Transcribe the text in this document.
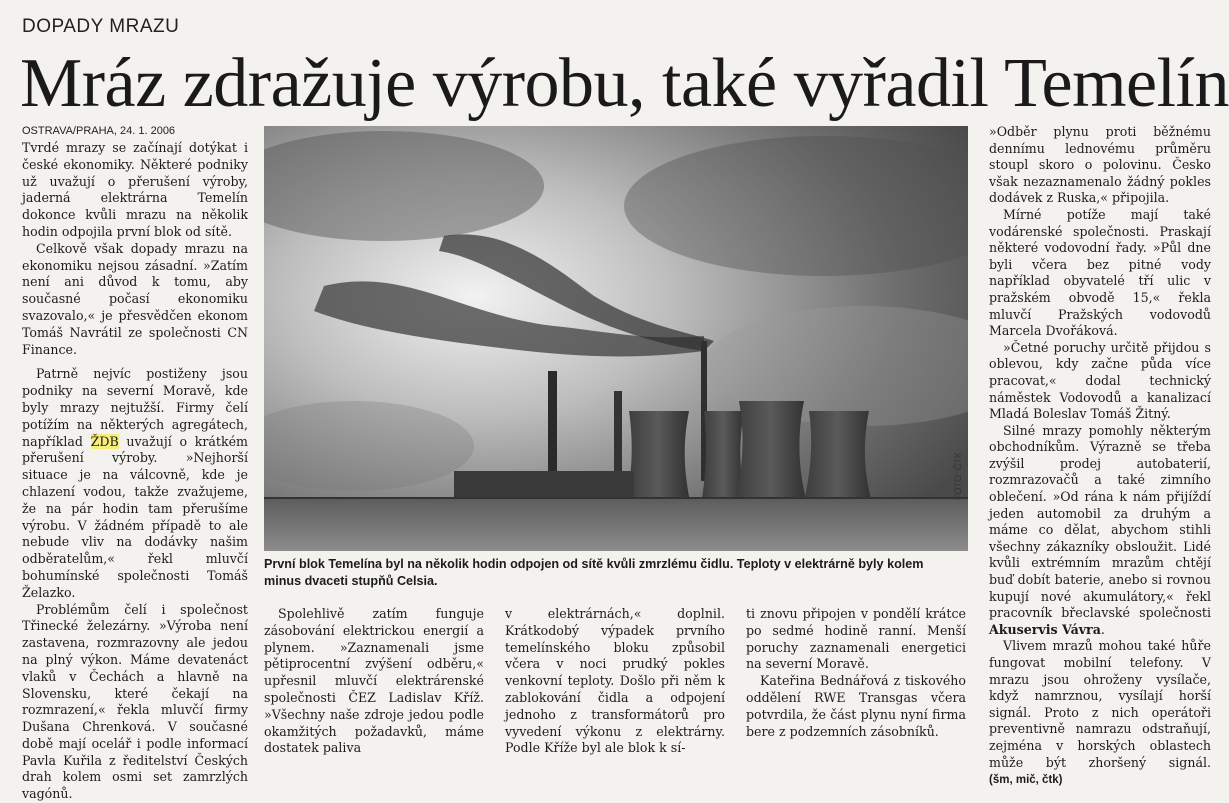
DOPADY MRAZU
Mráz zdražuje výrobu, také vyřadil Temelín
OSTRAVA/PRAHA, 24. 1. 2006

Tvrdé mrazy se začínají dotýkat i české ekonomiky. Některé podniky už uvažují o přerušení výroby, jaderná elektrárna Temelín dokonce kvůli mrazu na několik hodin odpojila první blok od sítě.

Celkově však dopady mrazu na ekonomiku nejsou zásadní. »Zatím není ani důvod k tomu, aby současné počasí ekonomiku svazovalo,« je přesvědčen ekonom Tomáš Navrátil ze společnosti CN Finance.

Patrně nejvíc postiženy jsou podniky na severní Moravě, kde byly mrazy nejtužší. Firmy čelí potížím na některých agregátech, například ŽDB uvažují o krátkém přerušení výroby. »Nejhorší situace je na válcovně, kde je chlazení vodou, takže zvažujeme, že na pár hodin tam přerušíme výrobu. V žádném případě to ale nebude vliv na dodávky našim odběratelům,« řekl mluvčí bohumínské společnosti Tomáš Želazko.

Problémům čelí i společnost Třinecké železárny. »Výroba není zastavena, rozmrazovny ale jedou na plný výkon. Máme devatenáct vlaků v Čechách a hlavně na Slovensku, které čekají na rozmrazení,« řekla mluvčí firmy Dušana Chrenková. V současné době mají ocelář i podle informací Pavla Kuřila z ředitelství Českých drah kolem osmi set zamrzlých vagónů.

FOTO: ČTK
První blok Temelína byl na několik hodin odpojen od sítě kvůli zmrzlému čidlu. Teploty v elektrárně byly kolem minus dvaceti stupňů Celsia.

Spolehlivě zatím funguje zásobování elektrickou energií a plynem. »Zaznamenali jsme pětiprocentní zvýšení odběru,« upřesnil mluvčí elektrárenské společnosti ČEZ Ladislav Kříž. »Všechny naše zdroje jedou podle okamžitých požadavků, máme dostatek paliva

v elektrárnách,« doplnil. Krátkodobý výpadek prvního temelínského bloku způsobil včera v noci prudký pokles venkovní teploty. Došlo při něm k zablokování čidla a odpojení jednoho z transformátorů pro vyvedení výkonu z elektrárny. Podle Kříže byl ale blok k sí-

ti znovu připojen v pondělí krátce po sedmé hodině ranní. Menší poruchy zaznamenali energetici na severní Moravě.

Kateřina Bednářová z tiskového oddělení RWE Transgas včera potvrdila, že část plynu nyní firma bere z podzemních zásobníků.

»Odběr plynu proti běžnému dennímu lednovému průměru stoupl skoro o polovinu. Česko však nezaznamenalo žádný pokles dodávek z Ruska,« připojila.

Mírné potíže mají také vodárenské společnosti. Praskají některé vodovodní řady. »Půl dne byli včera bez pitné vody například obyvatelé tří ulic v pražském obvodě 15,« řekla mluvčí Pražských vodovodů Marcela Dvořáková.

»Četné poruchy určitě přijdou s oblevou, kdy začne půda více pracovat,« dodal technický náměstek Vodovodů a kanalizací Mladá Boleslav Tomáš Žitný.

Silné mrazy pomohly některým obchodníkům. Výrazně se třeba zvýšil prodej autobaterií, rozmrazovačů a také zimního oblečení. »Od rána k nám přijíždí jeden automobil za druhým a máme co dělat, abychom stihli všechny zákazníky obsloužit. Lidé kvůli extrémním mrazům chtějí buď dobít baterie, anebo si rovnou kupují nové akumulátory,« řekl pracovník břeclavské společnosti Akuservis Vávra.

Vlivem mrazů mohou také hůře fungovat mobilní telefony. V mrazu jsou ohroženy vysílače, když namrznou, vysílají horší signál. Proto z nich operátoři preventivně namrazu odstraňují, zejména v horských oblastech může být zhoršený signál. (šm, mič, čtk)
